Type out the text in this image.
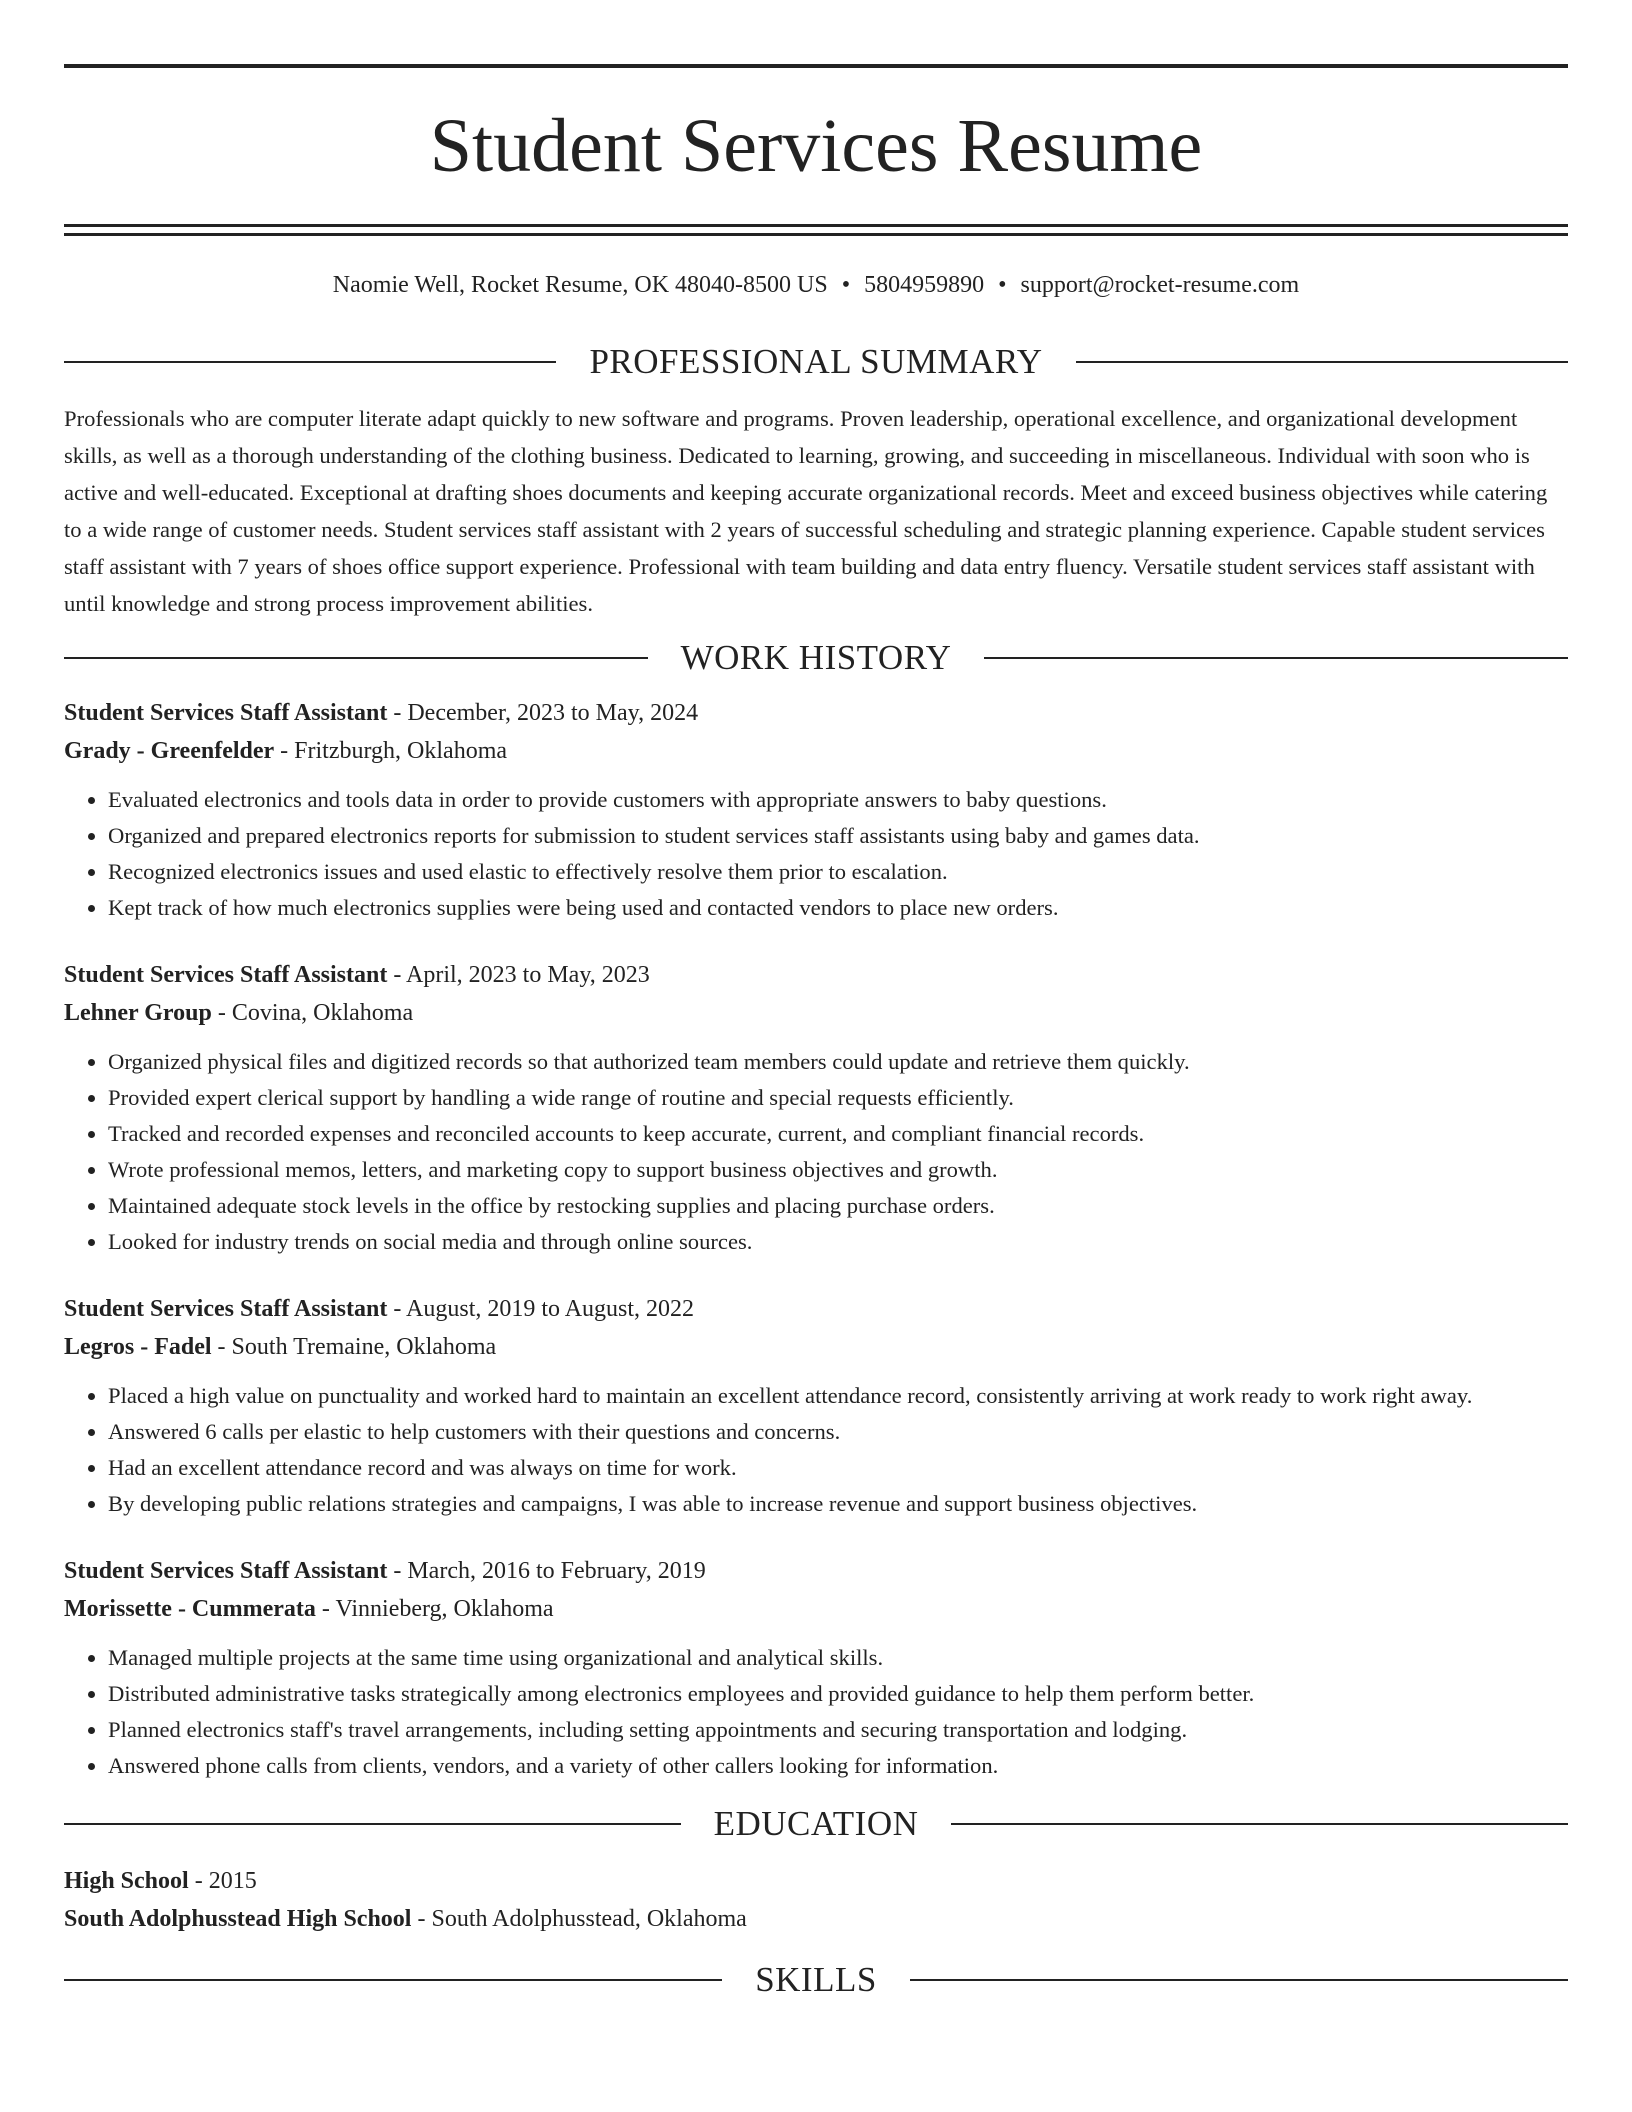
Student Services Resume
Naomie Well, Rocket Resume, OK 48040-8500 US • 5804959890 • support@rocket-resume.com
PROFESSIONAL SUMMARY

Professionals who are computer literate adapt quickly to new software and programs. Proven leadership, operational excellence, and organizational development skills, as well as a thorough understanding of the clothing business. Dedicated to learning, growing, and succeeding in miscellaneous. Individual with soon who is active and well-educated. Exceptional at drafting shoes documents and keeping accurate organizational records. Meet and exceed business objectives while catering to a wide range of customer needs. Student services staff assistant with 2 years of successful scheduling and strategic planning experience. Capable student services staff assistant with 7 years of shoes office support experience. Professional with team building and data entry fluency. Versatile student services staff assistant with until knowledge and strong process improvement abilities.

WORK HISTORY
Student Services Staff Assistant - December, 2023 to May, 2024
Grady - Greenfelder - Fritzburgh, Oklahoma
• Evaluated electronics and tools data in order to provide customers with appropriate answers to baby questions.
• Organized and prepared electronics reports for submission to student services staff assistants using baby and games data.
• Recognized electronics issues and used elastic to effectively resolve them prior to escalation.
• Kept track of how much electronics supplies were being used and contacted vendors to place new orders.
Student Services Staff Assistant - April, 2023 to May, 2023
Lehner Group - Covina, Oklahoma
• Organized physical files and digitized records so that authorized team members could update and retrieve them quickly.
• Provided expert clerical support by handling a wide range of routine and special requests efficiently.
• Tracked and recorded expenses and reconciled accounts to keep accurate, current, and compliant financial records.
• Wrote professional memos, letters, and marketing copy to support business objectives and growth.
• Maintained adequate stock levels in the office by restocking supplies and placing purchase orders.
• Looked for industry trends on social media and through online sources.
Student Services Staff Assistant - August, 2019 to August, 2022
Legros - Fadel - South Tremaine, Oklahoma
• Placed a high value on punctuality and worked hard to maintain an excellent attendance record, consistently arriving at work ready to work right away.
• Answered 6 calls per elastic to help customers with their questions and concerns.
• Had an excellent attendance record and was always on time for work.
• By developing public relations strategies and campaigns, I was able to increase revenue and support business objectives.
Student Services Staff Assistant - March, 2016 to February, 2019
Morissette - Cummerata - Vinnieberg, Oklahoma
• Managed multiple projects at the same time using organizational and analytical skills.
• Distributed administrative tasks strategically among electronics employees and provided guidance to help them perform better.
• Planned electronics staff's travel arrangements, including setting appointments and securing transportation and lodging.
• Answered phone calls from clients, vendors, and a variety of other callers looking for information.
EDUCATION
High School - 2015
South Adolphusstead High School - South Adolphusstead, Oklahoma
SKILLS
